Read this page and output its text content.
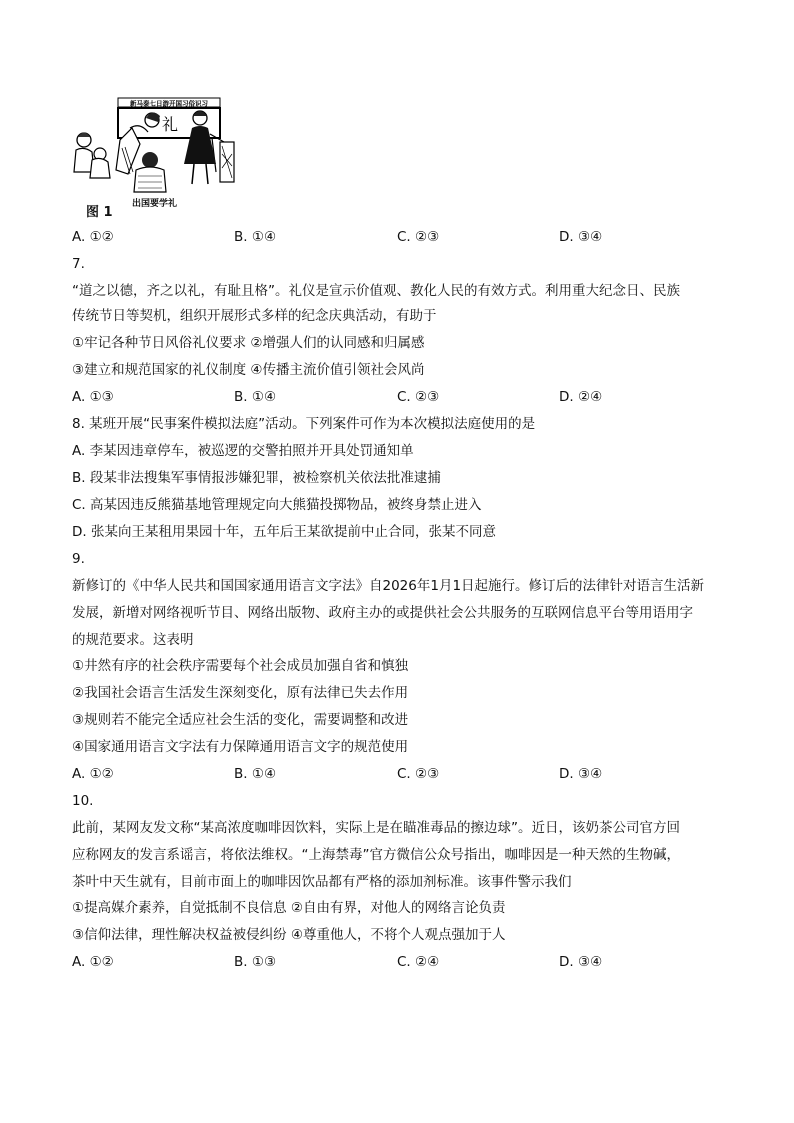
新马泰七日游开国习俗识习
礼
图 1
出国要学礼
A. ①②	B. ①④	C. ②③	D. ③④
7.
“道之以德，齐之以礼，有耻且格”。礼仪是宣示价值观、教化人民的有效方式。利用重大纪念日、民族
传统节日等契机，组织开展形式多样的纪念庆典活动，有助于
①牢记各种节日风俗礼仪要求 ②增强人们的认同感和归属感
③建立和规范国家的礼仪制度 ④传播主流价值引领社会风尚
A. ①③	B. ①④	C. ②③	D. ②④
8. 某班开展“民事案件模拟法庭”活动。下列案件可作为本次模拟法庭使用的是
A. 李某因违章停车，被巡逻的交警拍照并开具处罚通知单
B. 段某非法搜集军事情报涉嫌犯罪，被检察机关依法批准逮捕
C. 高某因违反熊猫基地管理规定向大熊猫投掷物品，被终身禁止进入
D. 张某向王某租用果园十年，五年后王某欲提前中止合同，张某不同意
9.
新修订的《中华人民共和国国家通用语言文字法》自2026年1月1日起施行。修订后的法律针对语言生活新
发展，新增对网络视听节目、网络出版物、政府主办的或提供社会公共服务的互联网信息平台等用语用字
的规范要求。这表明
①井然有序的社会秩序需要每个社会成员加强自省和慎独
②我国社会语言生活发生深刻变化，原有法律已失去作用
③规则若不能完全适应社会生活的变化，需要调整和改进
④国家通用语言文字法有力保障通用语言文字的规范使用
A. ①②	B. ①④	C. ②③	D. ③④
10.
此前，某网友发文称“某高浓度咖啡因饮料，实际上是在瞄准毒品的擦边球”。近日，该奶茶公司官方回
应称网友的发言系谣言，将依法维权。“上海禁毒”官方微信公众号指出，咖啡因是一种天然的生物碱，
茶叶中天生就有，目前市面上的咖啡因饮品都有严格的添加剂标准。该事件警示我们
①提高媒介素养，自觉抵制不良信息 ②自由有界，对他人的网络言论负责
③信仰法律，理性解决权益被侵纠纷 ④尊重他人，不将个人观点强加于人
A. ①②	B. ①③	C. ②④	D. ③④
